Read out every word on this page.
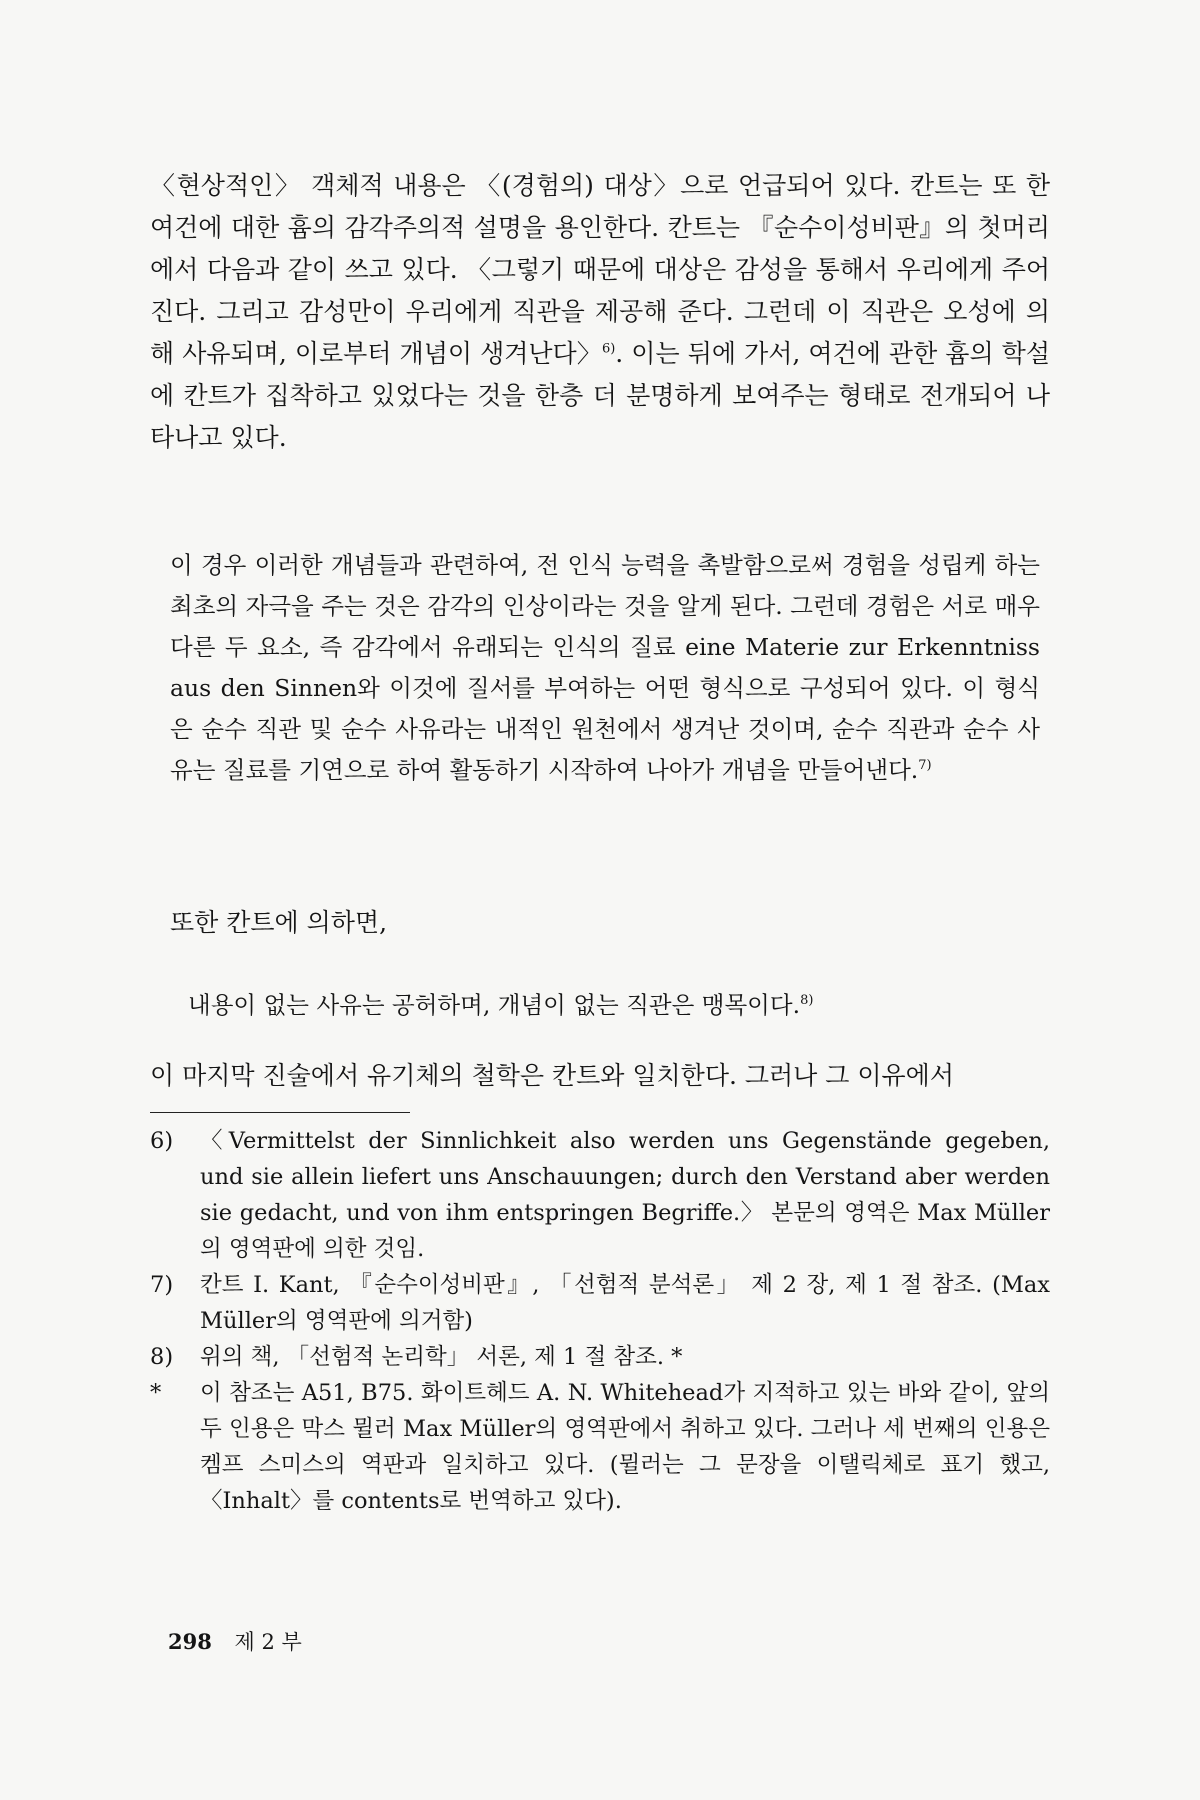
〈현상적인〉 객체적 내용은 〈(경험의) 대상〉으로 언급되어 있다. 칸트는 또 한 여건에 대한 흄의 감각주의적 설명을 용인한다. 칸트는 『순수이성비판』의 첫머리에서 다음과 같이 쓰고 있다. 〈그렇기 때문에 대상은 감성을 통해서 우리에게 주어진다. 그리고 감성만이 우리에게 직관을 제공해 준다. 그런데 이 직관은 오성에 의해 사유되며, 이로부터 개념이 생겨난다〉$^{6)}$. 이는 뒤에 가서, 여건에 관한 흄의 학설에 칸트가 집착하고 있었다는 것을 한층 더 분명하게 보여주는 형태로 전개되어 나타나고 있다.

이 경우 이러한 개념들과 관련하여, 전 인식 능력을 촉발함으로써 경험을 성립케 하는 최초의 자극을 주는 것은 감각의 인상이라는 것을 알게 된다. 그런데 경험은 서로 매우 다른 두 요소, 즉 감각에서 유래되는 인식의 질료 eine Materie zur Erkenntniss aus den Sinnen와 이것에 질서를 부여하는 어떤 형식으로 구성되어 있다. 이 형식은 순수 직관 및 순수 사유라는 내적인 원천에서 생겨난 것이며, 순수 직관과 순수 사유는 질료를 기연으로 하여 활동하기 시작하여 나아가 개념을 만들어낸다.$^{7)}$

또한 칸트에 의하면,

내용이 없는 사유는 공허하며, 개념이 없는 직관은 맹목이다.$^{8)}$

이 마지막 진술에서 유기체의 철학은 칸트와 일치한다. 그러나 그 이유에서

6) 〈Vermittelst der Sinnlichkeit also werden uns Gegenstände gegeben, und sie allein liefert uns Anschauungen; durch den Verstand aber werden sie gedacht, und von ihm entspringen Begriffe.〉 본문의 영역은 Max Müller의 영역판에 의한 것임.
7) 칸트 I. Kant, 『순수이성비판』, 「선험적 분석론」 제 2 장, 제 1 절 참조. (Max Müller의 영역판에 의거함)
8) 위의 책, 「선험적 논리학」 서론, 제 1 절 참조. *
* 이 참조는 A51, B75. 화이트헤드 A. N. Whitehead가 지적하고 있는 바와 같이, 앞의 두 인용은 막스 뮐러 Max Müller의 영역판에서 취하고 있다. 그러나 세 번째의 인용은 켐프 스미스의 역판과 일치하고 있다. (뮐러는 그 문장을 이탤릭체로 표기 했고, 〈Inhalt〉를 contents로 번역하고 있다).
298 제 2 부
